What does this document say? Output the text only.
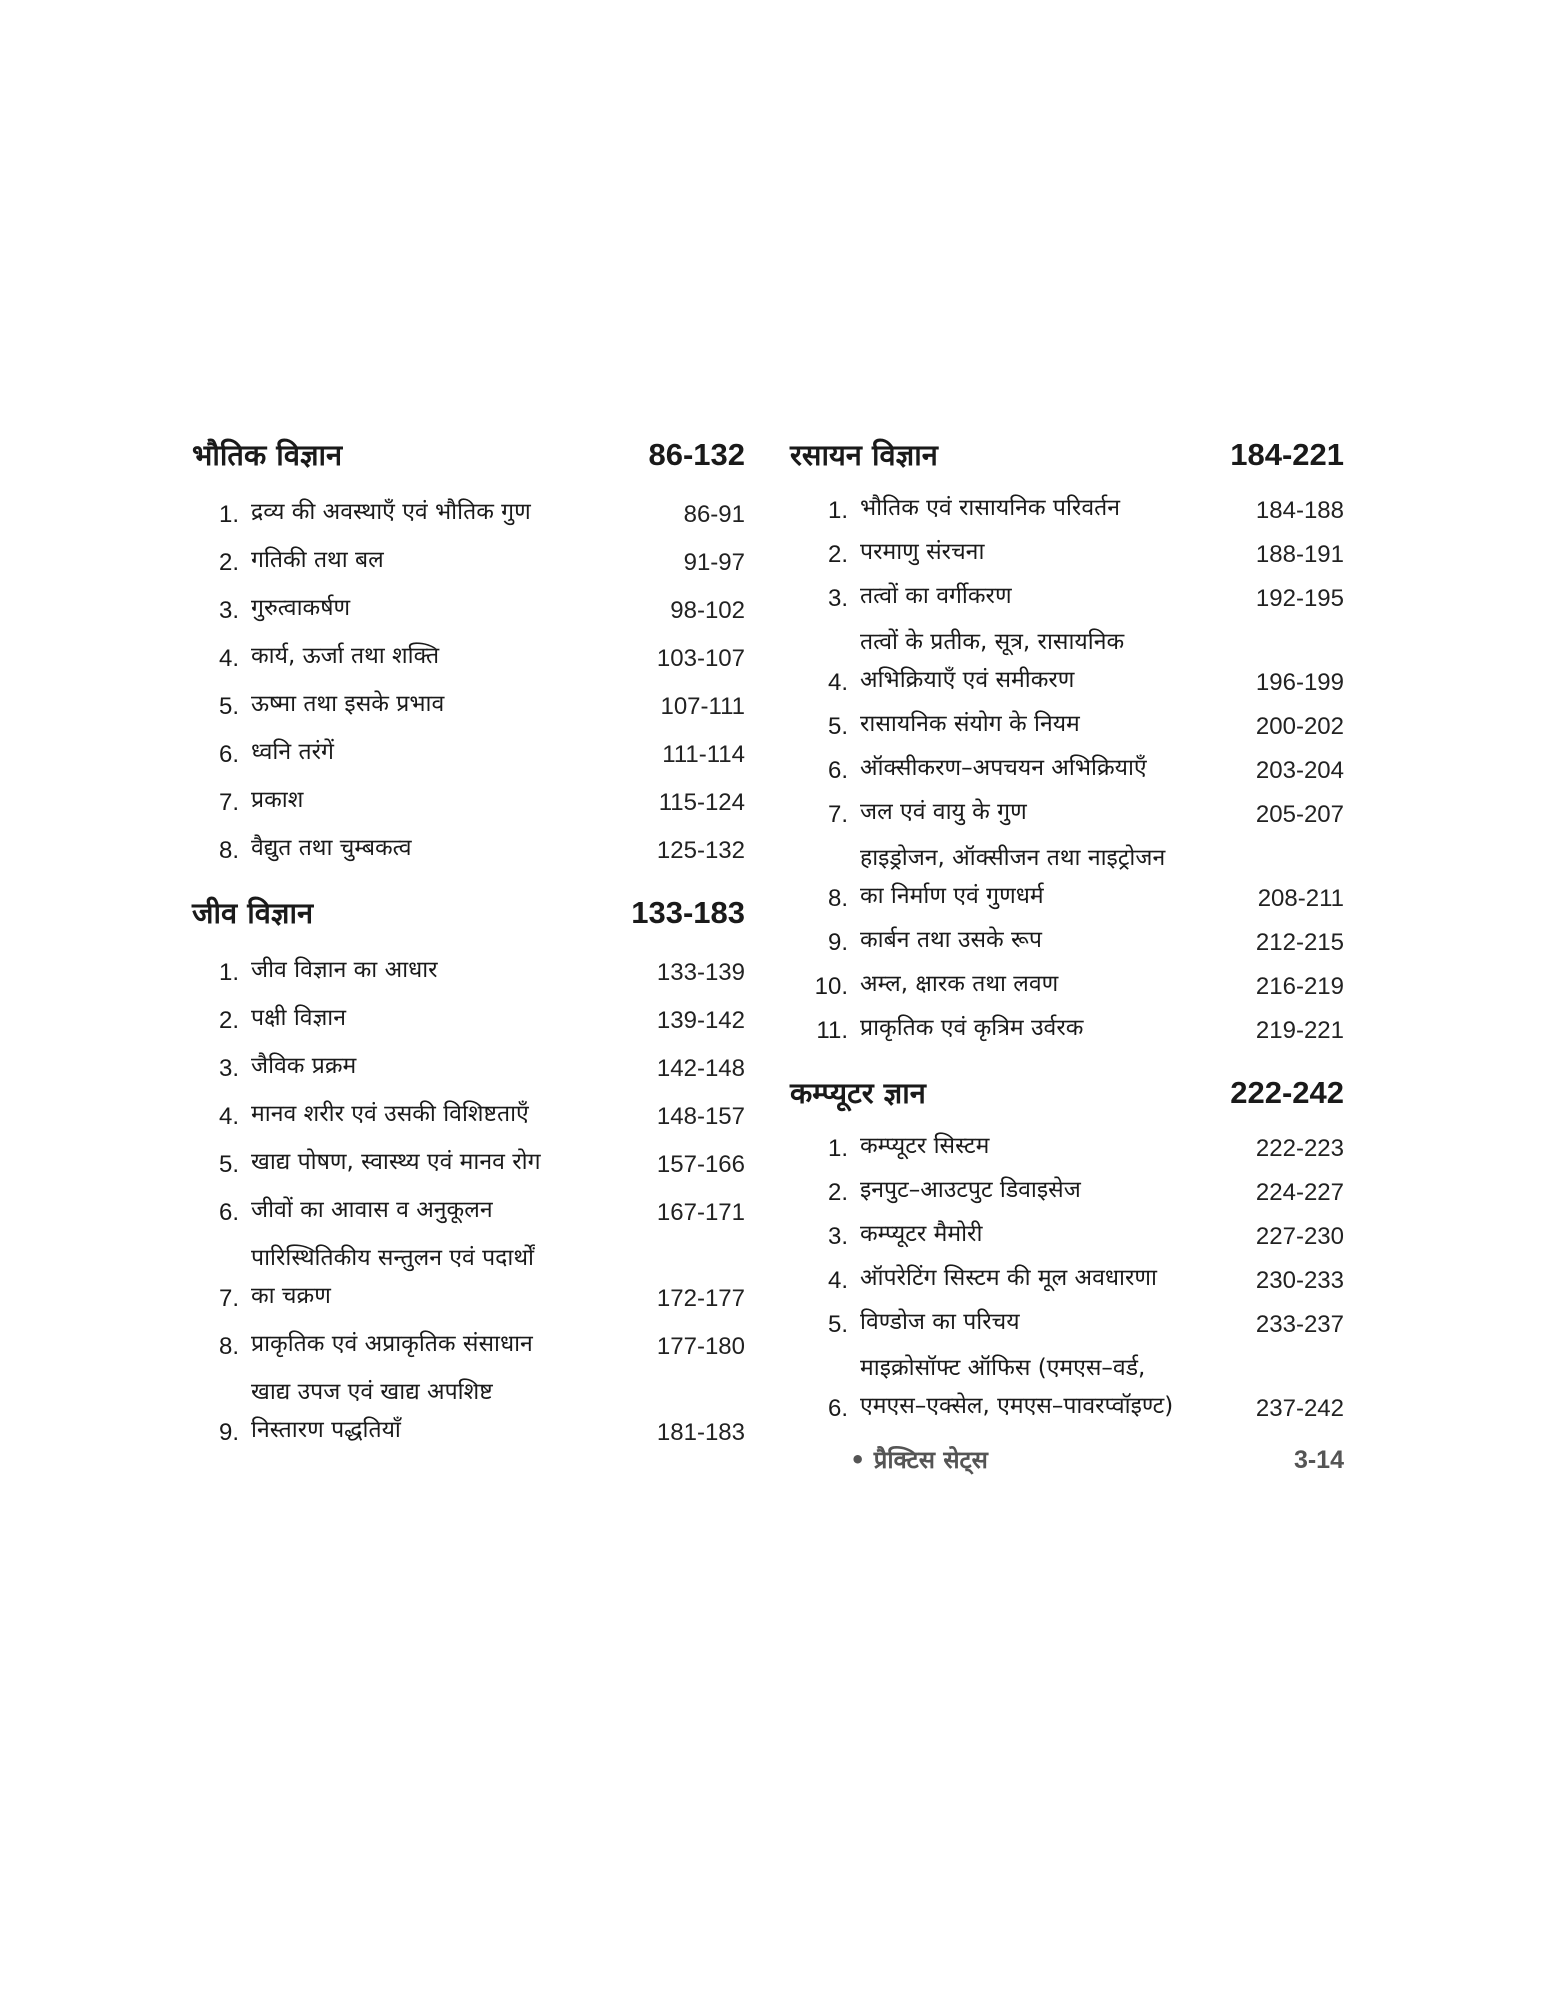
भौतिक विज्ञान	86-132
1. द्रव्य की अवस्थाएँ एवं भौतिक गुण	86-91
2. गतिकी तथा बल	91-97
3. गुरुत्वाकर्षण	98-102
4. कार्य, ऊर्जा तथा शक्ति	103-107
5. ऊष्मा तथा इसके प्रभाव	107-111
6. ध्वनि तरंगें	111-114
7. प्रकाश	115-124
8. वैद्युत तथा चुम्बकत्व	125-132
जीव विज्ञान	133-183
1. जीव विज्ञान का आधार	133-139
2. पक्षी विज्ञान	139-142
3. जैविक प्रक्रम	142-148
4. मानव शरीर एवं उसकी विशिष्टताएँ	148-157
5. खाद्य पोषण, स्वास्थ्य एवं मानव रोग	157-166
6. जीवों का आवास व अनुकूलन	167-171
7.
पारिस्थितिकीय सन्तुलन एवं पदार्थों
का चक्रण	172-177
8. प्राकृतिक एवं अप्राकृतिक संसाधान	177-180
9.
खाद्य उपज एवं खाद्य अपशिष्ट
निस्तारण पद्धतियाँ	181-183
रसायन विज्ञान	184-221
1. भौतिक एवं रासायनिक परिवर्तन	184-188
2. परमाणु संरचना	188-191
3. तत्वों का वर्गीकरण	192-195
4.
तत्वों के प्रतीक, सूत्र, रासायनिक
अभिक्रियाएँ एवं समीकरण	196-199
5. रासायनिक संयोग के नियम	200-202
6. ऑक्सीकरण–अपचयन अभिक्रियाएँ	203-204
7. जल एवं वायु के गुण	205-207
8.
हाइड्रोजन, ऑक्सीजन तथा नाइट्रोजन
का निर्माण एवं गुणधर्म	208-211
9. कार्बन तथा उसके रूप	212-215
10. अम्ल, क्षारक तथा लवण	216-219
11. प्राकृतिक एवं कृत्रिम उर्वरक	219-221
कम्प्यूटर ज्ञान	222-242
1. कम्प्यूटर सिस्टम	222-223
2. इनपुट–आउटपुट डिवाइसेज	224-227
3. कम्प्यूटर मैमोरी	227-230
4. ऑपरेटिंग सिस्टम की मूल अवधारणा	230-233
5. विण्डोज का परिचय	233-237
6.
माइक्रोसॉफ्ट ऑफिस (एमएस–वर्ड,
एमएस–एक्सेल, एमएस–पावरप्वॉइण्ट)	237-242
• प्रैक्टिस सेट्स	3-14
